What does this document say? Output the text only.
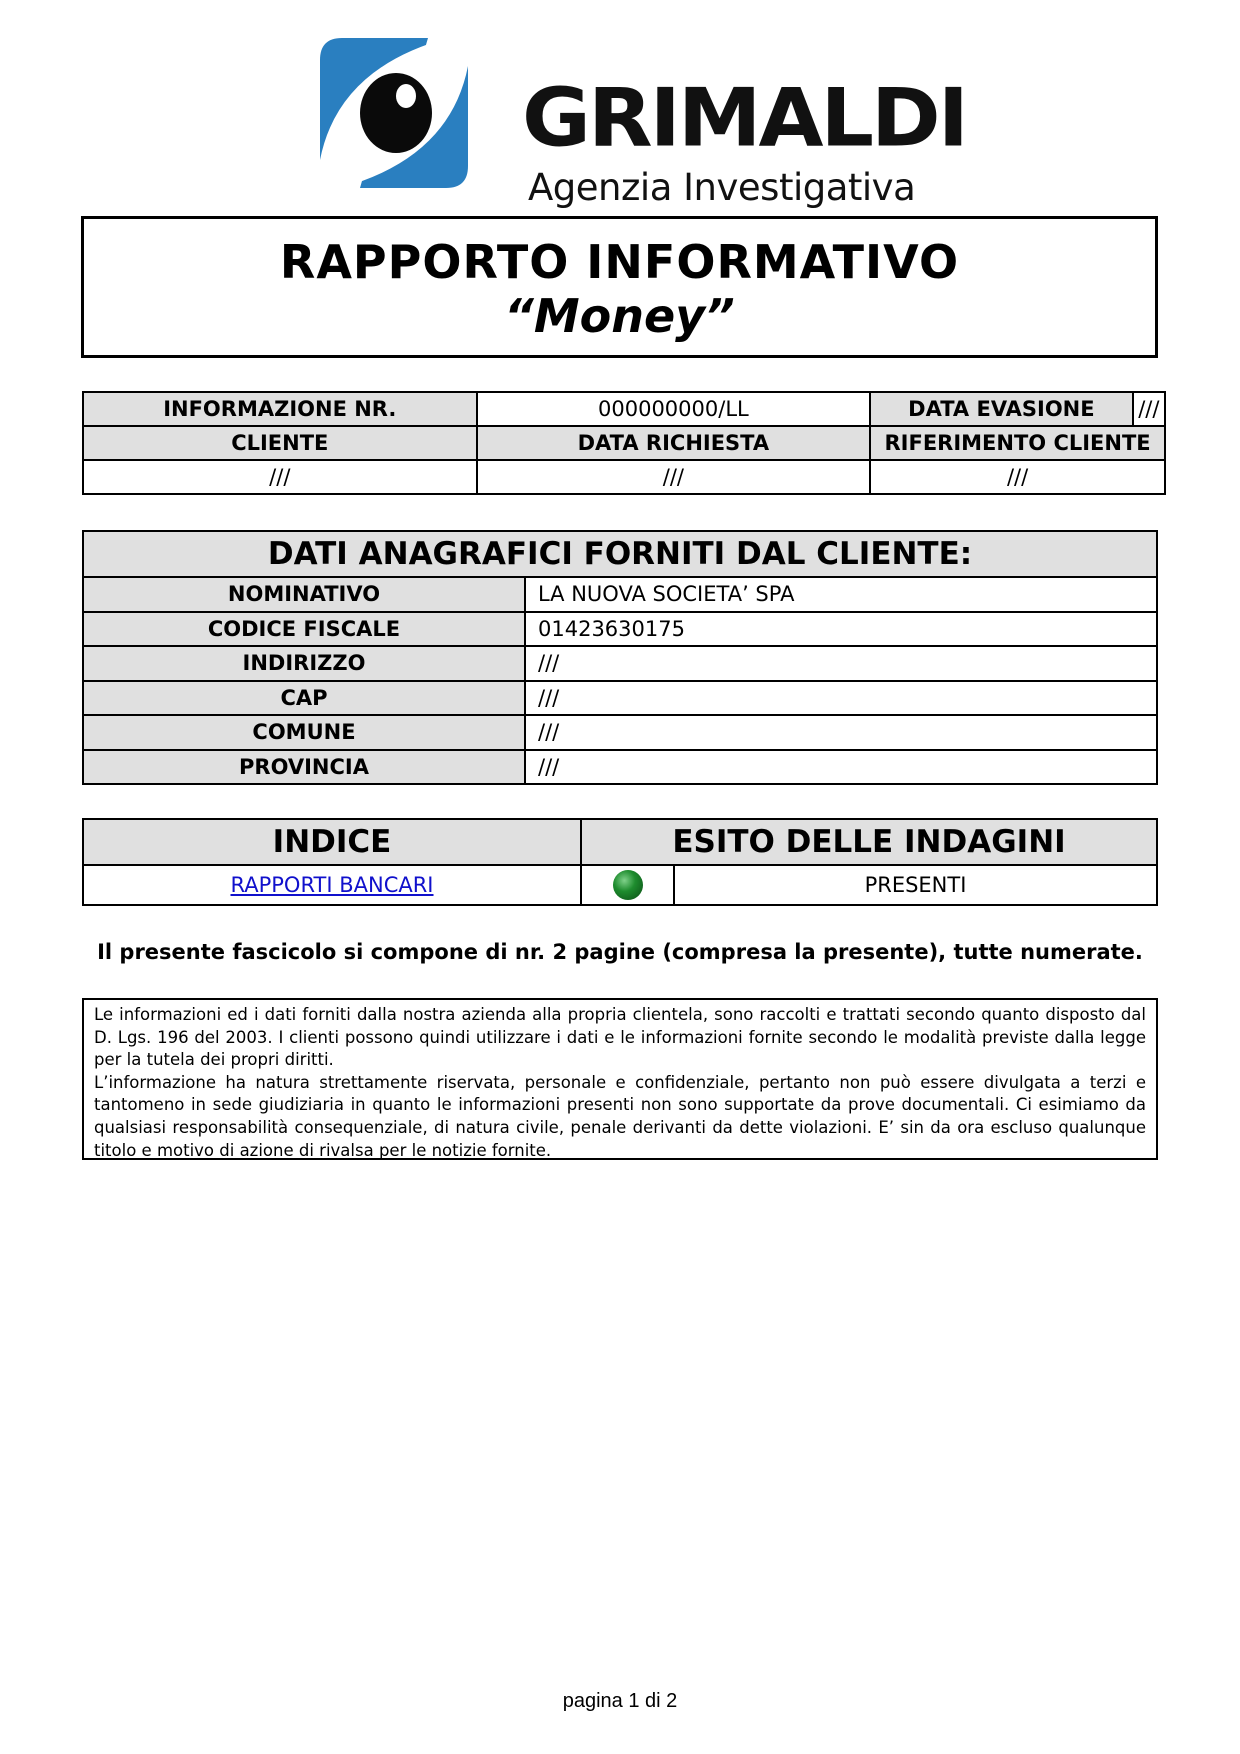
GRIMALDI
Agenzia Investigativa
RAPPORTO INFORMATIVO
“Money”
INFORMAZIONE NR.	000000000/LL	DATA EVASIONE	///
CLIENTE	DATA RICHIESTA	RIFERIMENTO CLIENTE	
///	///	///	
DATI ANAGRAFICI FORNITI DAL CLIENTE:	
NOMINATIVO	LA NUOVA SOCIETA’ SPA
CODICE FISCALE	01423630175
INDIRIZZO	///
CAP	///
COMUNE	///
PROVINCIA	///
INDICE	ESITO DELLE INDAGINI	
RAPPORTI BANCARI		PRESENTI
Il presente fascicolo si compone di nr. 2 pagine (compresa la presente), tutte numerate.

Le informazioni ed i dati forniti dalla nostra azienda alla propria clientela, sono raccolti e trattati secondo quanto disposto dal D. Lgs. 196 del 2003. I clienti possono quindi utilizzare i dati e le informazioni fornite secondo le modalità previste dalla legge per la tutela dei propri diritti.

L’informazione ha natura strettamente riservata, personale e confidenziale, pertanto non può essere divulgata a terzi e tantomeno in sede giudiziaria in quanto le informazioni presenti non sono supportate da prove documentali. Ci esimiamo da qualsiasi responsabilità consequenziale, di natura civile, penale derivanti da dette violazioni. E’ sin da ora escluso qualunque titolo e motivo di azione di rivalsa per le notizie fornite.

pagina 1 di 2
